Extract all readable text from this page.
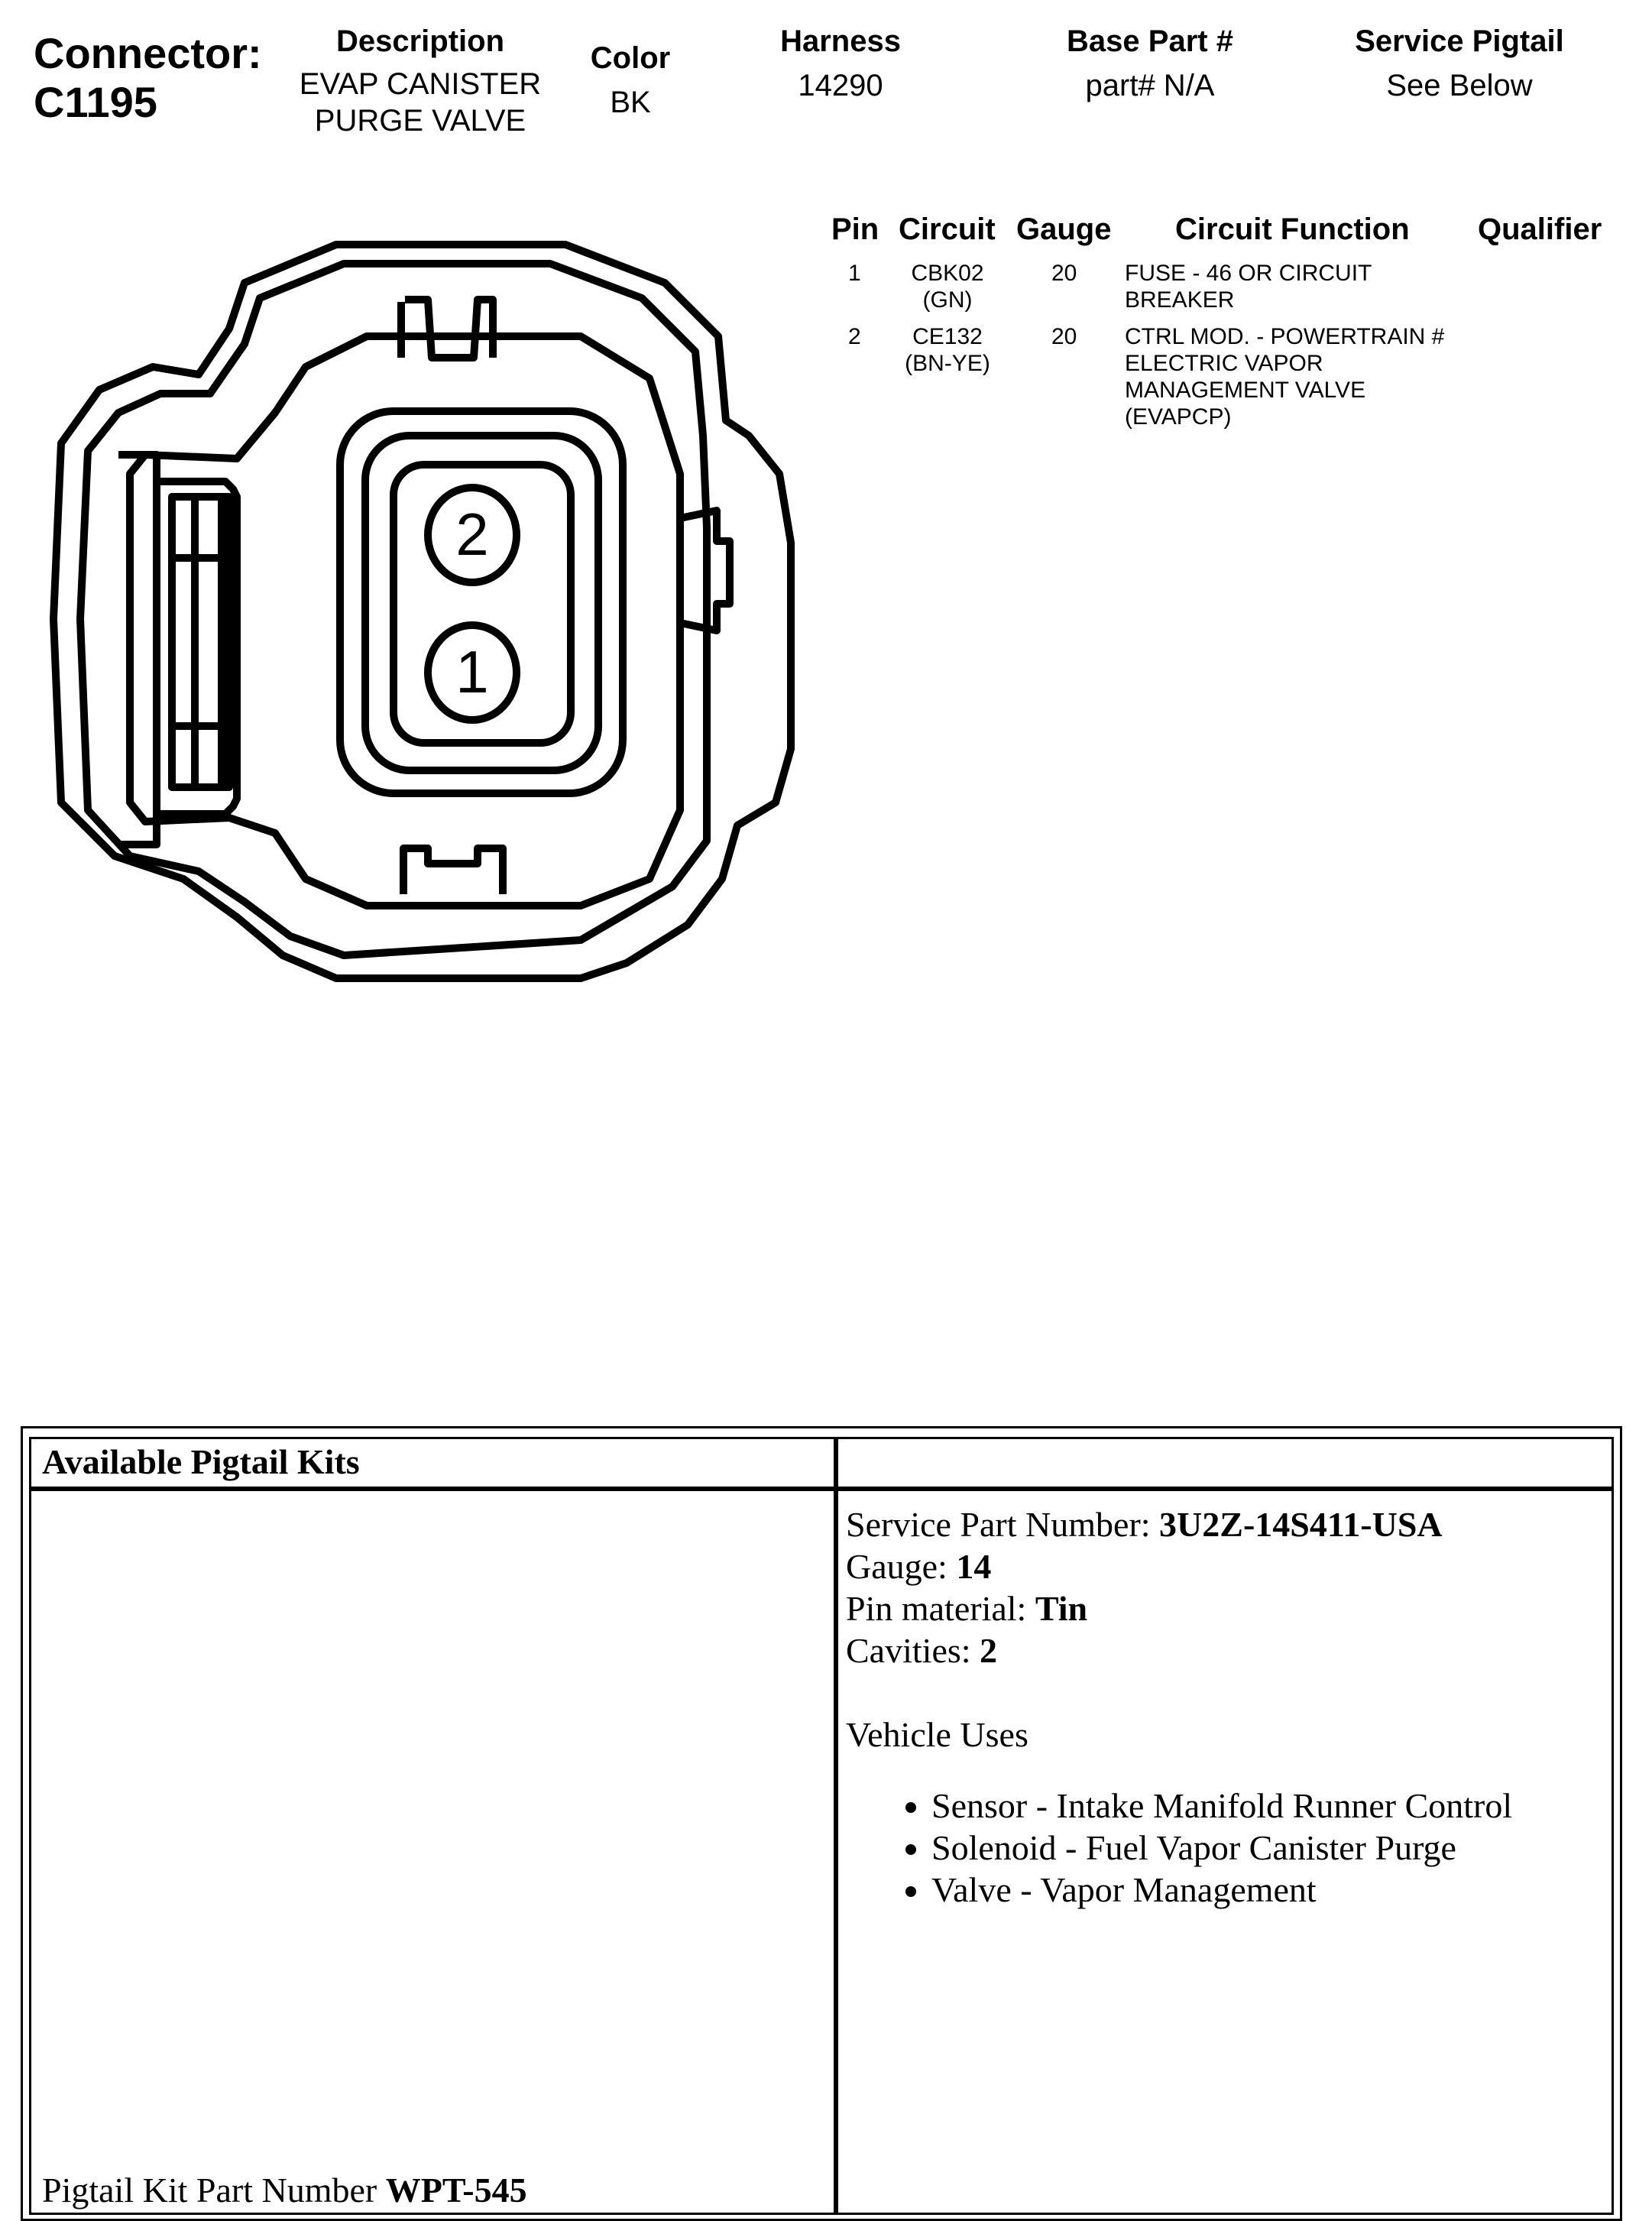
Connector:
C1195
Description
EVAP CANISTER
PURGE VALVE
Color
BK
Harness
14290
Base Part #
part# N/A
Service Pigtail
See Below
2
1
Pin Circuit Gauge Circuit Function Qualifier
1	CBK02
(GN)
20 FUSE - 46 OR CIRCUIT
BREAKER
2	CE132
(BN-YE)
20 CTRL MOD. - POWERTRAIN #
ELECTRIC VAPOR
MANAGEMENT VALVE
(EVAPCP)
Available Pigtail Kits
Pigtail Kit Part Number WPT-545
Service Part Number: 3U2Z-14S411-USA
Gauge: 14
Pin material: Tin
Cavities: 2
Vehicle Uses
• Sensor - Intake Manifold Runner Control
• Solenoid - Fuel Vapor Canister Purge
• Valve - Vapor Management
